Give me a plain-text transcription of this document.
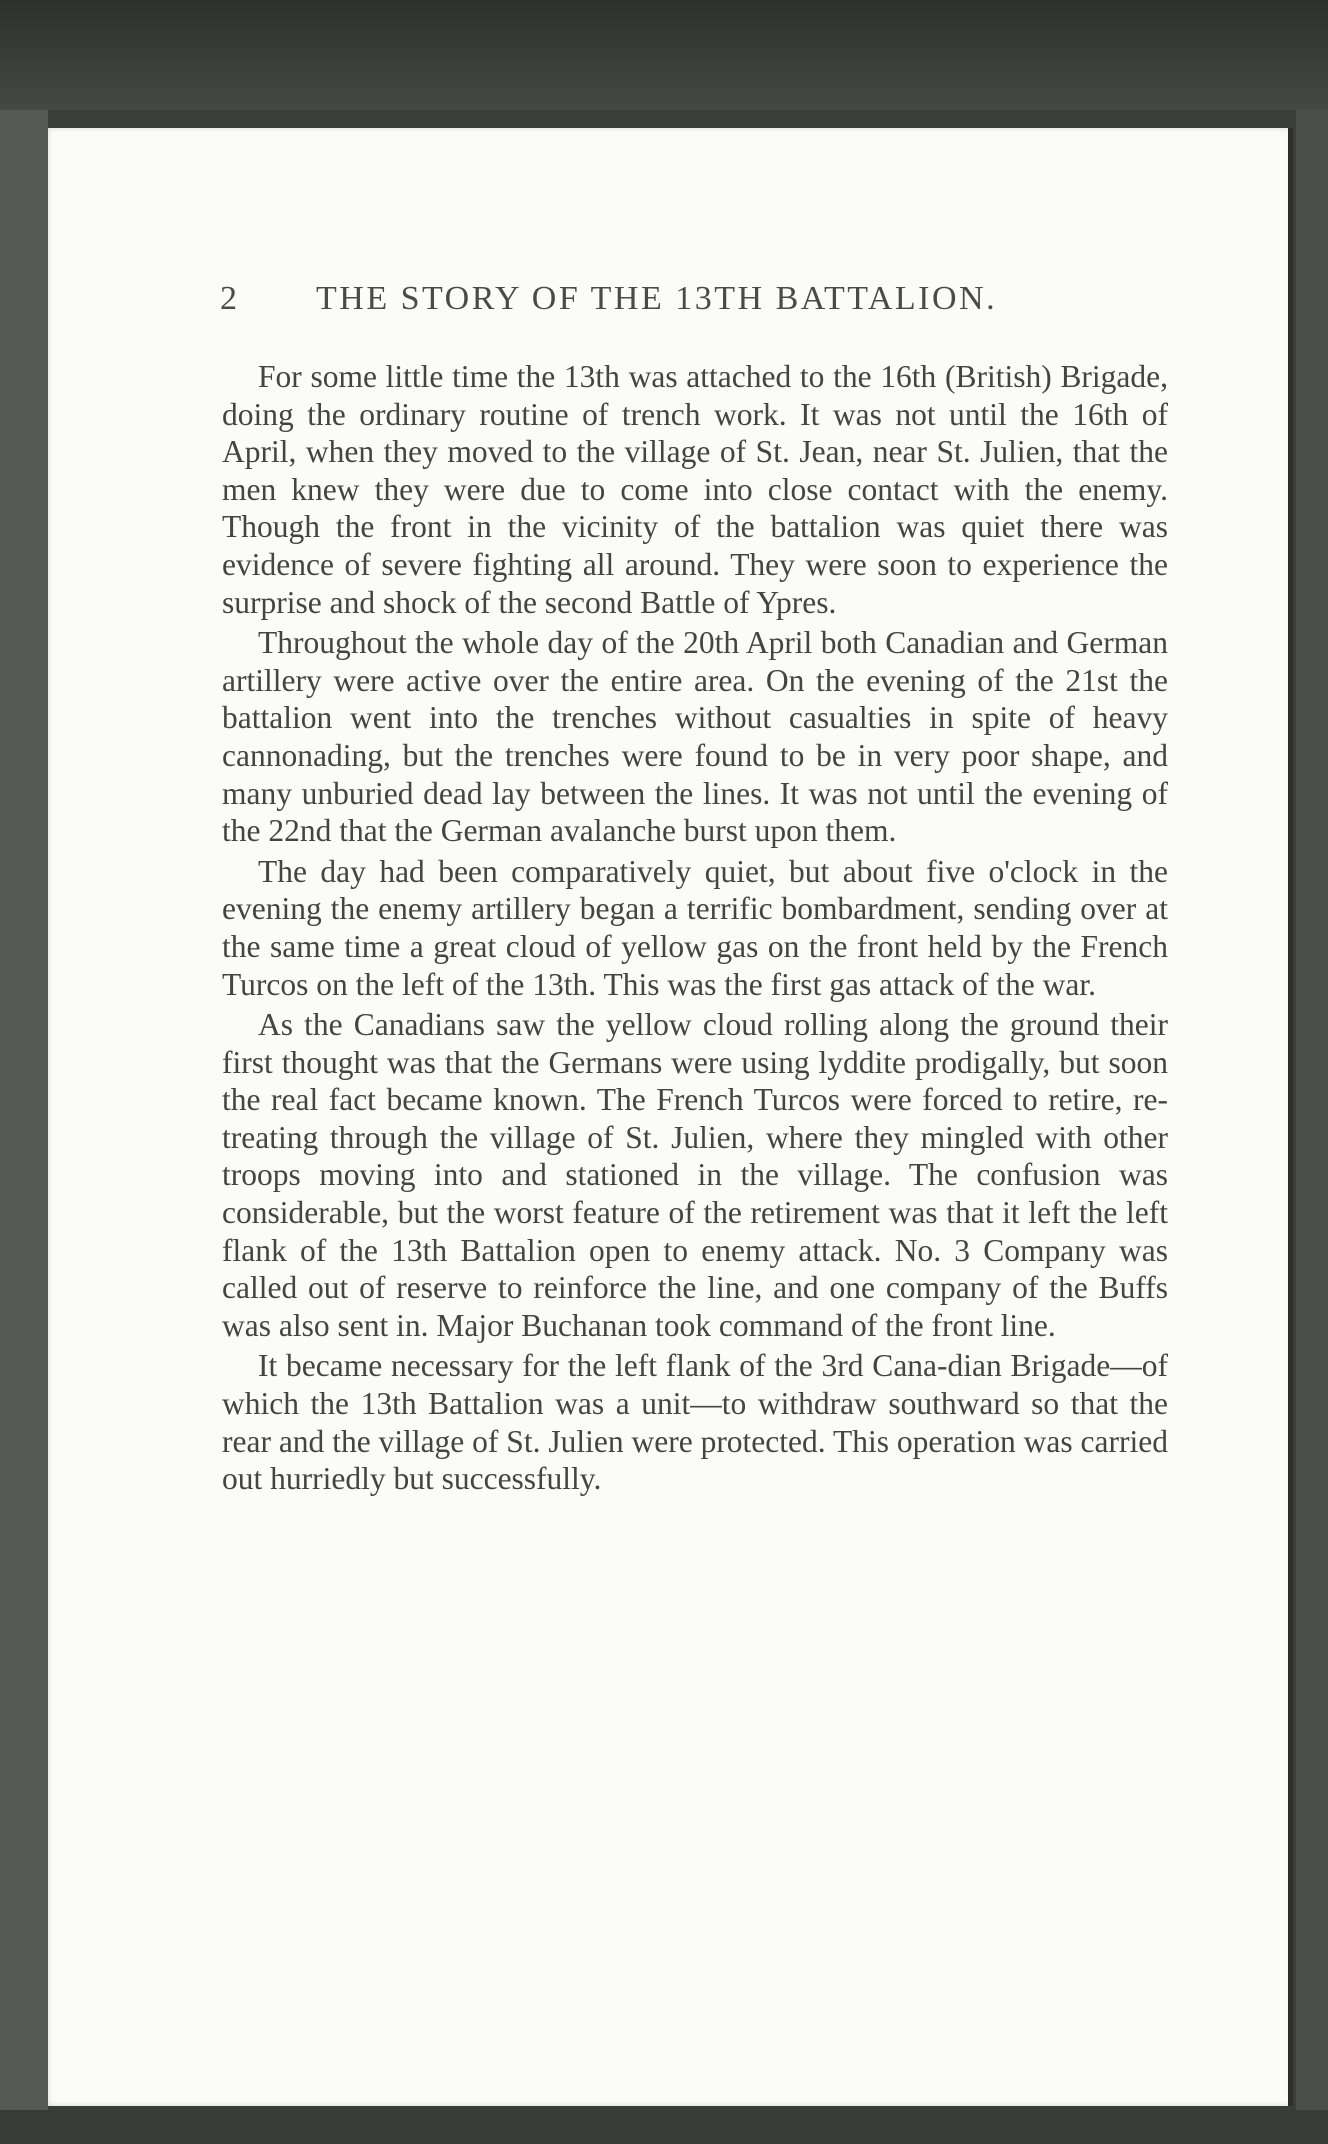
2 THE STORY OF THE 13TH BATTALION.

For some little time the 13th was attached to the 16th (British) Brigade, doing the ordinary routine of trench work. It was not until the 16th of April, when they moved to the village of St. Jean, near St. Julien, that the men knew they were due to come into close contact with the enemy. Though the front in the vicinity of the battalion was quiet there was evidence of severe fighting all around. They were soon to experience the surprise and shock of the second Battle of Ypres.

Throughout the whole day of the 20th April both Canadian and German artillery were active over the entire area. On the evening of the 21st the battalion went into the trenches without casualties in spite of heavy cannonading, but the trenches were found to be in very poor shape, and many unburied dead lay between the lines. It was not until the evening of the 22nd that the German avalanche burst upon them.

The day had been comparatively quiet, but about five o'clock in the evening the enemy artillery began a terrific bombardment, sending over at the same time a great cloud of yellow gas on the front held by the French Turcos on the left of the 13th. This was the first gas attack of the war.

As the Canadians saw the yellow cloud rolling along the ground their first thought was that the Germans were using lyddite prodigally, but soon the real fact became known. The French Turcos were forced to retire, re-treating through the village of St. Julien, where they mingled with other troops moving into and stationed in the village. The confusion was considerable, but the worst feature of the retirement was that it left the left flank of the 13th Battalion open to enemy attack. No. 3 Company was called out of reserve to reinforce the line, and one company of the Buffs was also sent in. Major Buchanan took command of the front line.

It became necessary for the left flank of the 3rd Cana-dian Brigade—of which the 13th Battalion was a unit—to withdraw southward so that the rear and the village of St. Julien were protected. This operation was carried out hurriedly but successfully.
